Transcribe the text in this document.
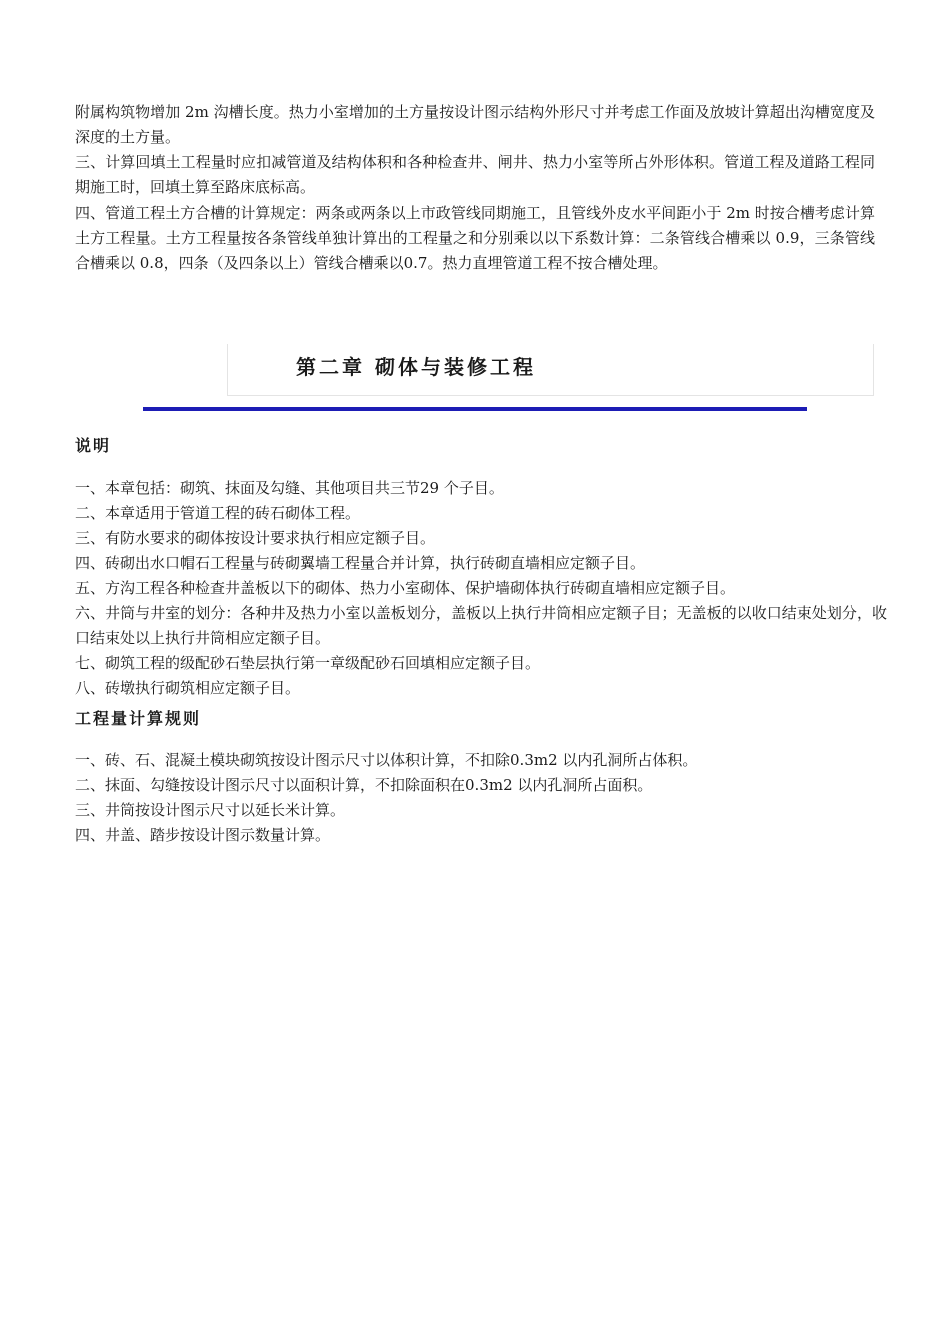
附属构筑物增加 2m 沟槽长度。热力小室增加的土方量按设计图示结构外形尺寸并考虑工作面及放坡计算超出沟槽宽度及深度的土方量。

三、计算回填土工程量时应扣减管道及结构体积和各种检查井、闸井、热力小室等所占外形体积。管道工程及道路工程同期施工时，回填土算至路床底标高。

四、管道工程土方合槽的计算规定：两条或两条以上市政管线同期施工，且管线外皮水平间距小于 2m 时按合槽考虑计算土方工程量。土方工程量按各条管线单独计算出的工程量之和分别乘以以下系数计算：二条管线合槽乘以 0.9，三条管线合槽乘以 0.8，四条（及四条以上）管线合槽乘以0.7。热力直埋管道工程不按合槽处理。

第二章 砌体与装修工程
说明
一、本章包括：砌筑、抹面及勾缝、其他项目共三节29 个子目。
二、本章适用于管道工程的砖石砌体工程。
三、有防水要求的砌体按设计要求执行相应定额子目。
四、砖砌出水口帽石工程量与砖砌翼墙工程量合并计算，执行砖砌直墙相应定额子目。
五、方沟工程各种检查井盖板以下的砌体、热力小室砌体、保护墙砌体执行砖砌直墙相应定额子目。
六、井筒与井室的划分：各种井及热力小室以盖板划分，盖板以上执行井筒相应定额子目；无盖板的以收口结束处划分，收口结束处以上执行井筒相应定额子目。
七、砌筑工程的级配砂石垫层执行第一章级配砂石回填相应定额子目。
八、砖墩执行砌筑相应定额子目。
工程量计算规则
一、砖、石、混凝土模块砌筑按设计图示尺寸以体积计算，不扣除0.3m2 以内孔洞所占体积。
二、抹面、勾缝按设计图示尺寸以面积计算，不扣除面积在0.3m2 以内孔洞所占面积。
三、井筒按设计图示尺寸以延长米计算。
四、井盖、踏步按设计图示数量计算。
